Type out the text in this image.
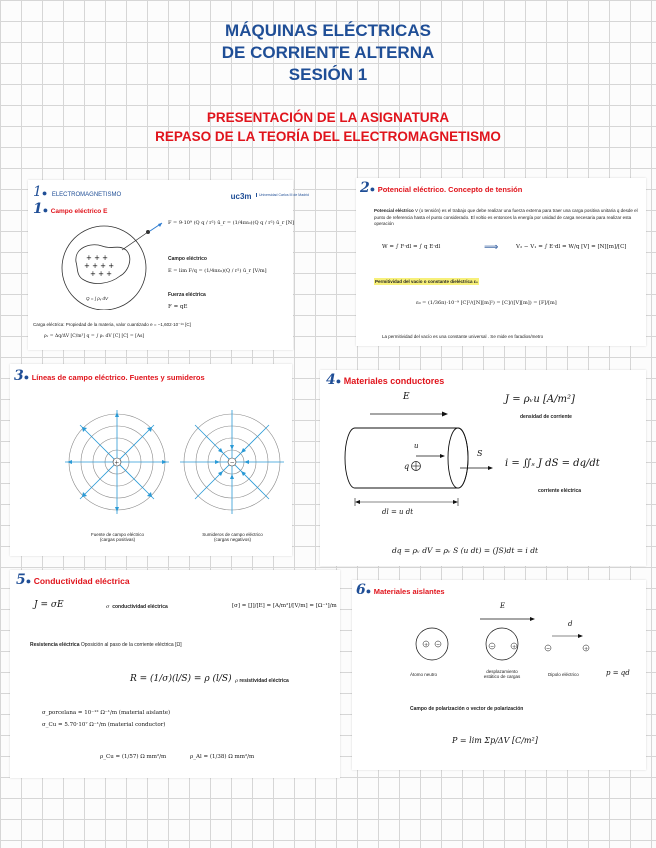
MÁQUINAS ELÉCTRICAS
DE CORRIENTE ALTERNA
SESIÓN 1
PRESENTACIÓN DE LA ASIGNATURA
REPASO DE LA TEORÍA DEL ELECTROMAGNETISMO
1● ELECTROMAGNETISMO	uc3m Universidad Carlos III de Madrid
1● Campo eléctrico E
+ + +
+ + + +
+ + +
Q = ∫ ρᵥ dV
F = 9·10⁹ (Q q / r²) ū_r = (1/4πε₀)(Q q / r²) ū_r [N]
Campo eléctrico
E = lim F/q = (1/4πε₀)(Q / r²) ū_r [V/m]
Fuerza eléctrica
F = qE
Carga eléctrica: Propiedad de la materia, valor cuantizado e = −1,602·10⁻¹⁹ [C]
ρᵥ = Δq/ΔV [C/m³] q = ∫ ρᵥ dV [C] [C] = [As]
2● Potencial eléctrico. Concepto de tensión
Potencial eléctrico V (o tensión) es el trabajo que debe realizar una fuerza externa para traer una carga positiva unitaria q desde el punto de referencia hasta el punto considerado. El voltio es entonces la energía por unidad de carga necesaria para realizar esta operación
W = ∫ F·dl = ∫ q E·dl	⟹	V₂ − V₁ = ∫ E·dl = W/q [V] = [N][m]/[C]
Permitividad del vacío o constante dieléctrica ε₀
ε₀ = (1/36π)·10⁻⁹ [C]²/([N][m]²) = [C]/([V][m]) = [F]/[m]
La permitividad del vacío es una constante universal . Se mide en faradios/metro
3● Líneas de campo eléctrico. Fuentes y sumideros
+	−
Fuente de campo eléctrico
(cargas positivas)
Sumideros de campo eléctrico
(cargas negativos)
4● Materiales conductores
E
u
q
S
dl = u dt
J = ρᵥu [A/m²]
densidad de corriente
i = ∬ₛ J dS = dq/dt
corriente eléctrica
dq = ρᵥ dV = ρᵥ S (u dt) = (JS)dt = i dt
5● Conductividad eléctrica
J = σE	σ conductividad eléctrica	[σ] = [J]/[E] = [A/m²]/[V/m] = [Ω⁻¹]/m
Resistencia eléctrica Oposición al paso de la corriente eléctrica [Ω]
R = (1/σ)(l/S) = ρ (l/S) ρ resistividad eléctrica
σ_porcelana = 10⁻¹² Ω⁻¹/m (material aislante)
σ_Cu = 5.70·10⁷ Ω⁻¹/m (material conductor)
ρ_Cu = (1/57) Ω mm²/m	ρ_Al = (1/38) Ω mm²/m
6● Materiales aislantes
+ −	−	+	−	+
E
d
Átomo neutro
desplazamiento
estático de cargas	Dipolo eléctrico	p = qd
Campo de polarización o vector de polarización
P = lim Σp/ΔV [C/m²]
